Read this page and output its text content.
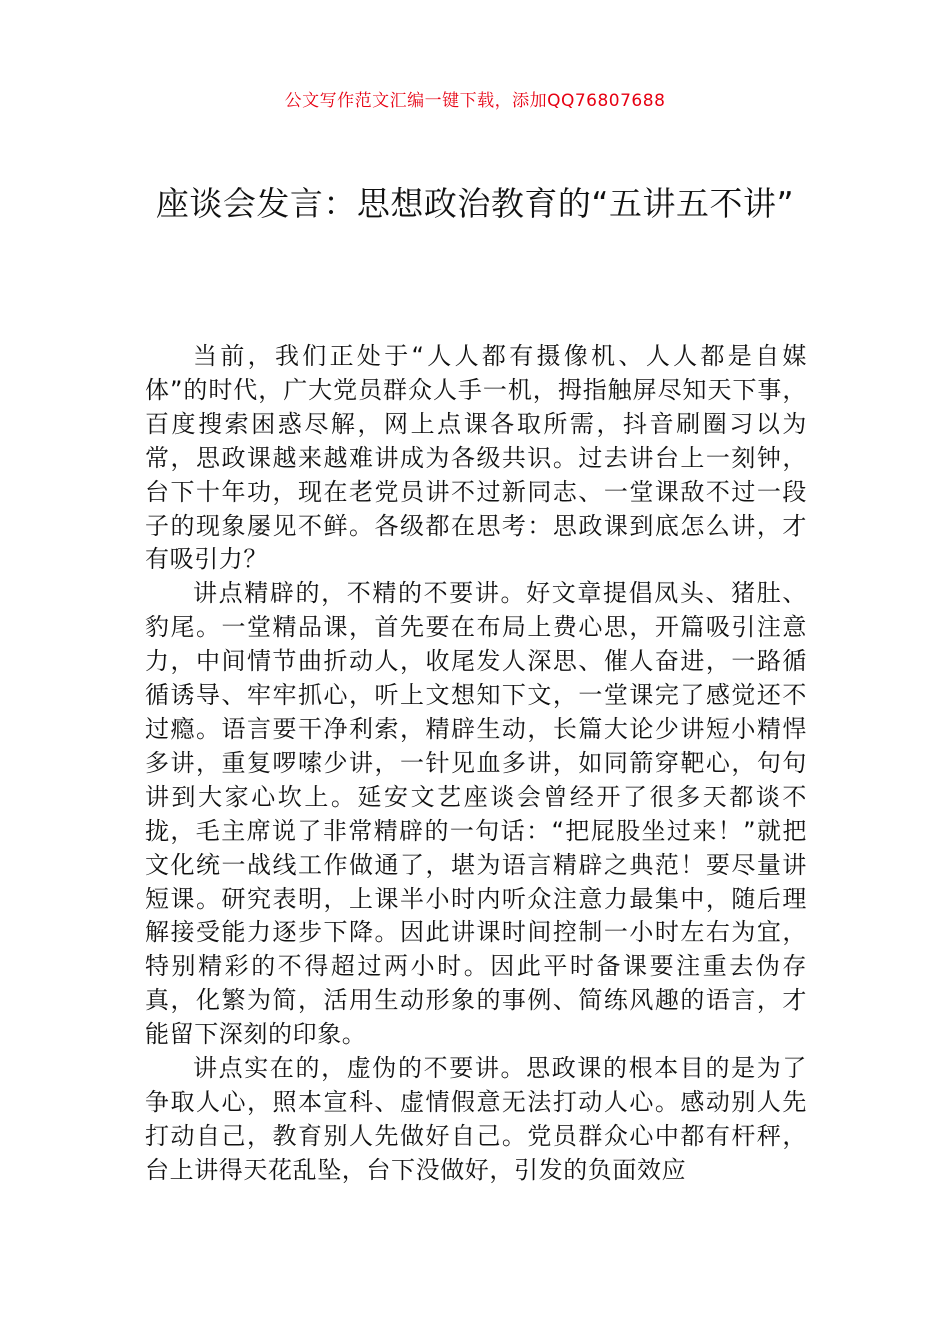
公文写作范文汇编一键下载，添加QQ76807688
座谈会发言：思想政治教育的“五讲五不讲”

当前，我们正处于“人人都有摄像机、人人都是自媒体”的时代，广大党员群众人手一机，拇指触屏尽知天下事，百度搜索困惑尽解，网上点课各取所需，抖音刷圈习以为常，思政课越来越难讲成为各级共识。过去讲台上一刻钟，台下十年功，现在老党员讲不过新同志、一堂课敌不过一段子的现象屡见不鲜。各级都在思考：思政课到底怎么讲，才有吸引力？

讲点精辟的，不精的不要讲。好文章提倡凤头、猪肚、豹尾。一堂精品课，首先要在布局上费心思，开篇吸引注意力，中间情节曲折动人，收尾发人深思、催人奋进，一路循循诱导、牢牢抓心，听上文想知下文，一堂课完了感觉还不过瘾。语言要干净利索，精辟生动，长篇大论少讲短小精悍多讲，重复啰嗦少讲，一针见血多讲，如同箭穿靶心，句句讲到大家心坎上。延安文艺座谈会曾经开了很多天都谈不拢，毛主席说了非常精辟的一句话：“把屁股坐过来！”就把文化统一战线工作做通了，堪为语言精辟之典范！要尽量讲短课。研究表明，上课半小时内听众注意力最集中，随后理解接受能力逐步下降。因此讲课时间控制一小时左右为宜，特别精彩的不得超过两小时。因此平时备课要注重去伪存真，化繁为简，活用生动形象的事例、简练风趣的语言，才能留下深刻的印象。

讲点实在的，虚伪的不要讲。思政课的根本目的是为了争取人心，照本宣科、虚情假意无法打动人心。感动别人先打动自己，教育别人先做好自己。党员群众心中都有杆秤，台上讲得天花乱坠，台下没做好，引发的负面效应
